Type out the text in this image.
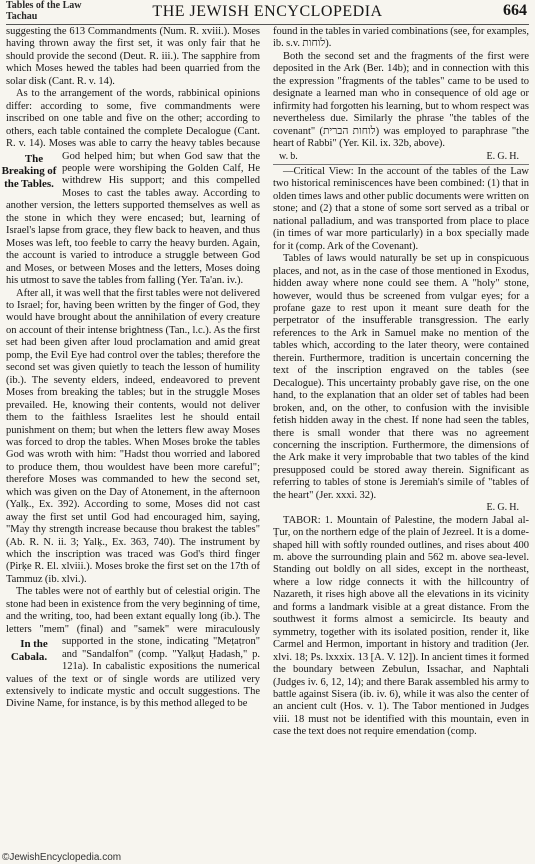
Tables of the Law
Tachau	THE JEWISH ENCYCLOPEDIA	664

suggesting the 613 Commandments (Num. R. xviii.). Moses having thrown away the first set, it was only fair that he should provide the second (Deut. R. iii.). The sapphire from which Moses hewed the tables had been quarried from the solar disk (Cant. R. v. 14).

As to the arrangement of the words, rabbinical opinions differ: according to some, five commandments were inscribed on one table and five on the other; according to others, each table contained the complete Decalogue (Cant. R. v. 14). Moses was able to carry the heavy tables because God helped
The Breaking of the Tables.
him; but when God saw that the people were worshiping the Golden Calf, He withdrew His support; and this compelled Moses to cast the tables away. According to another version, the letters supported themselves as well as the stone in which they were encased; but, learning of Israel's lapse from grace, they flew back to heaven, and thus Moses was left, too feeble to carry the heavy burden. Again, the account is varied to introduce a struggle between God and Moses, or between Moses and the letters, Moses doing his utmost to save the tables from falling (Yer. Ta'an. iv.).

After all, it was well that the first tables were not delivered to Israel; for, having been written by the finger of God, they would have brought about the annihilation of every creature on account of their intense brightness (Tan., l.c.). As the first set had been given after loud proclamation and amid great pomp, the Evil Eye had control over the tables; therefore the second set was given quietly to teach the lesson of humility (ib.). The seventy elders, indeed, endeavored to prevent Moses from breaking the tables; but in the struggle Moses prevailed. He, knowing their contents, would not deliver them to the faithless Israelites lest he should entail punishment on them; but when the letters flew away Moses was forced to drop the tables. When Moses broke the tables God was wroth with him: "Hadst thou worried and labored to produce them, thou wouldest have been more careful"; therefore Moses was commanded to hew the second set, which was given on the Day of Atonement, in the afternoon (Yalḳ., Ex. 392). According to some, Moses did not cast away the first set until God had encouraged him, saying, "May thy strength increase because thou brakest the tables" (Ab. R. N. ii. 3; Yalḳ., Ex. 363, 740). The instrument by which the inscription was traced was God's third finger (Pirḳe R. El. xlviii.). Moses broke the first set on the 17th of Tammuz (ib. xlvi.).

The tables were not of earthly but of celestial origin. The stone had been in existence from the very beginning of time, and the writing, too, had been extant equally long (ib.). The letters "mem" (final) and "samek" were miraculously supported
In the Cabala.
in the stone, indicating "Meṭaṭron" and "Sandalfon" (comp. "Yalḳuṭ Ḥadash," p. 121a). In cabalistic expositions the numerical values of the text or of single words are utilized very extensively to indicate mystic and occult suggestions. The Divine Name, for instance, is by this method alleged to be

found in the tables in varied combinations (see, for examples, ib. s.v. לוחות).

Both the second set and the fragments of the first were deposited in the Ark (Ber. 14b); and in connection with this the expression "fragments of the tables" came to be used to designate a learned man who in consequence of old age or infirmity had forgotten his learning, but to whom respect was nevertheless due. Similarly the phrase "the tables of the covenant" (לוחות הברית) was employed to paraphrase "the heart of Rabbi" (Yer. Kil. ix. 32b, above).

w. b.	E. G. H.

—Critical View: In the account of the tables of the Law two historical reminiscences have been combined: (1) that in olden times laws and other public documents were written on stone; and (2) that a stone of some sort served as a tribal or national palladium, and was transported from place to place (in times of war more particularly) in a box specially made for it (comp. Ark of the Covenant).

Tables of laws would naturally be set up in conspicuous places, and not, as in the case of those mentioned in Exodus, hidden away where none could see them. A "holy" stone, however, would thus be screened from vulgar eyes; for a profane gaze to rest upon it meant sure death for the perpetrator of the insufferable transgression. The early references to the Ark in Samuel make no mention of the tables which, according to the later theory, were contained therein. Furthermore, tradition is uncertain concerning the text of the inscription engraved on the tables (see Decalogue). This uncertainty probably gave rise, on the one hand, to the explanation that an older set of tables had been broken, and, on the other, to confusion with the invisible fetish hidden away in the chest. If none had seen the tables, there is small wonder that there was no agreement concerning the inscription. Furthermore, the dimensions of the Ark make it very improbable that two tables of the kind presupposed could be stored away therein. Significant as referring to tables of stone is Jeremiah's simile of "tables of the heart" (Jer. xxxi. 32).

E. G. H.

TABOR: 1. Mountain of Palestine, the modern Jabal al-Ṭur, on the northern edge of the plain of Jezreel. It is a dome-shaped hill with softly rounded outlines, and rises about 400 m. above the surrounding plain and 562 m. above sea-level. Standing out boldly on all sides, except in the northeast, where a low ridge connects it with the hillcountry of Nazareth, it rises high above all the elevations in its vicinity and forms a landmark visible at a great distance. From the southwest it forms almost a semicircle. Its beauty and symmetry, together with its isolated position, render it, like Carmel and Hermon, important in history and tradition (Jer. xlvi. 18; Ps. lxxxix. 13 [A. V. 12]). In ancient times it formed the boundary between Zebulun, Issachar, and Naphtali (Judges iv. 6, 12, 14); and there Barak assembled his army to battle against Sisera (ib. iv. 6), while it was also the center of an ancient cult (Hos. v. 1). The Tabor mentioned in Judges viii. 18 must not be identified with this mountain, even in case the text does not require emendation (comp.

©JewishEncyclopedia.com
